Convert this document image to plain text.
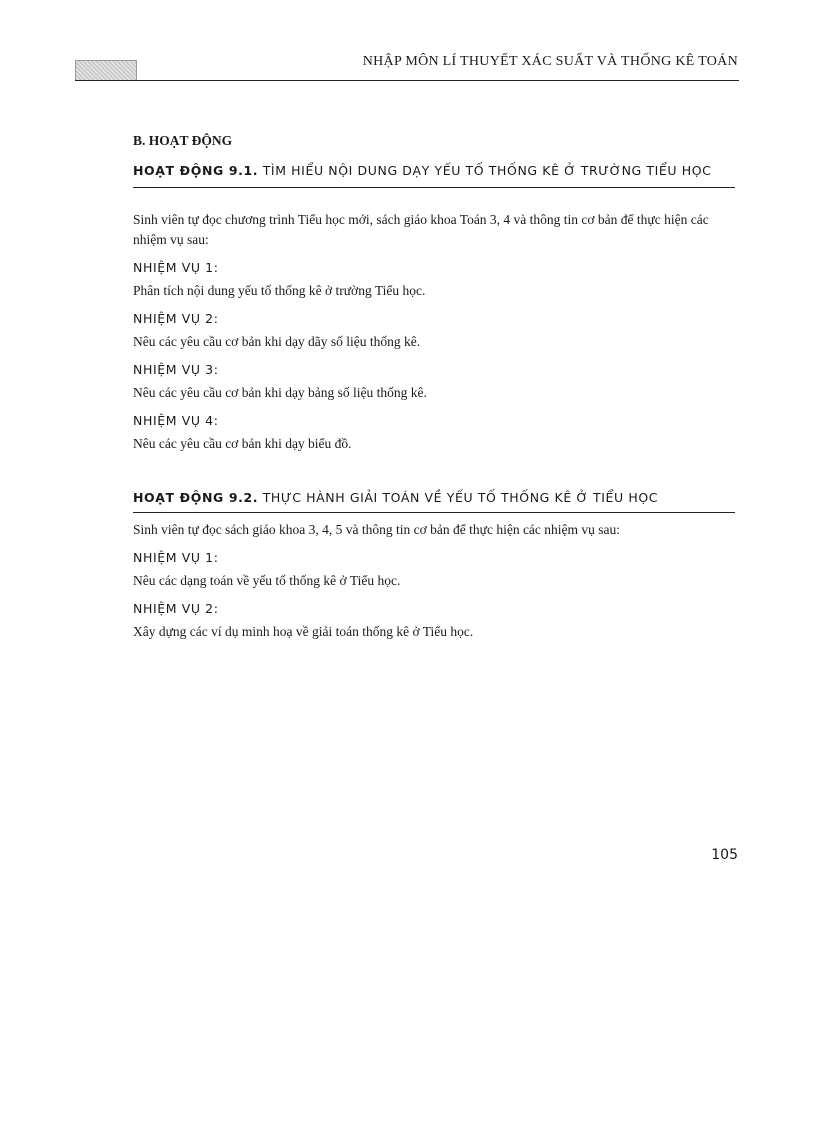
NHẬP MÔN LÍ THUYẾT XÁC SUẤT VÀ THỐNG KÊ TOÁN
B. HOẠT ĐỘNG
HOẠT ĐỘNG 9.1. TÌM HIỂU NỘI DUNG DẠY YẾU TỐ THỐNG KÊ Ở TRƯỜNG TIỂU HỌC
Sinh viên tự đọc chương trình Tiểu học mới, sách giáo khoa Toán 3, 4 và thông tin cơ bản để thực hiện các nhiệm vụ sau:
NHIỆM VỤ 1:
Phân tích nội dung yếu tố thống kê ở trường Tiểu học.
NHIỆM VỤ 2:
Nêu các yêu cầu cơ bản khi dạy dãy số liệu thống kê.
NHIỆM VỤ 3:
Nêu các yêu cầu cơ bản khi dạy bảng số liệu thống kê.
NHIỆM VỤ 4:
Nêu các yêu cầu cơ bản khi dạy biểu đồ.
HOẠT ĐỘNG 9.2. THỰC HÀNH GIẢI TOÁN VỀ YẾU TỐ THỐNG KÊ Ở TIỂU HỌC
Sinh viên tự đọc sách giáo khoa 3, 4, 5 và thông tin cơ bản để thực hiện các nhiệm vụ sau:
NHIỆM VỤ 1:
Nêu các dạng toán về yếu tố thống kê ở Tiểu học.
NHIỆM VỤ 2:
Xây dựng các ví dụ minh hoạ về giải toán thống kê ở Tiểu học.
105
